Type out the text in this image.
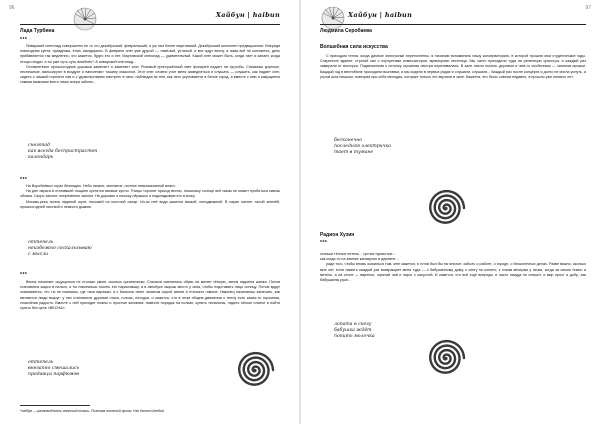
96
Хайбун | haibun
Лада Турбина
***

Январский снегопад совершенно не то что декабрьский, февральский, и уж тем более мартовский. Декабрьский исполнен предвкушения. Впереди новогодняя суета, праздники, ёлка, мандарины. В феврале снег уже другой — тяжёлый, усталый, и все ждут весну, а зима всё не кончается, день прибавляется так медленно, что кажется, будто его и нет. Мартовский снегопад — удивительный. Какой снег может быть, когда тает и капает, когда птицы галдят, а ты уже чуть-чуть влюблён? А январский снегопад...

Оставленные прошлогодние дорожки заметает и заметает снег. Розовый приглушённый свет фонарей падает на сугробы. Снежинки крупные, неспешные, вальсируют в воздухе и наполняют тишину смыслом. Этот снег словно учит меня замедляться и слушать — слушать, как падает снег, сидеть с чашкой горячего чая и с удовольствием смотреть в окно, наблюдая за тем, как тихо укутывается в белое город, а вместе с ним и кажущиеся такими важными всего лишь вчера заботы...

снегопад
как всегда беспристрастен
календарь
***

На Воробьёвых горах безлюдно. Небо низкое, мохнатое, полное невысказанной влаги.

На дне оврага в оттаявшей лощине кустятся ивовые кусты. Птицы торопят приход весны, поскольку солнце всё никак не может пробиться сквозь облака. Скоро запоют, непременно запоют. На дорожке я нахожу пёрышко и подкладываю его в книгу.

Москва-река полна ледяной шуги, похожей на колотый сахар. Из-за неё вода кажется вязкой, неподвижной. В парке пахнет талой землёй, прошлогодней листвой и немного дымом.

оттепель
неизбежно соскальзываю
с мысли
***

Весна начинает ощущаться не столько умом, сколько органически. Сначала сменилась обувь на менее тёплую, затем надоела шапка. Потом становится жарко в пальто, и ты начинаешь носить его нараспашку, а в автобусе ищешь место у окна, чтобы подставить лицо солнцу. Потом вдруг оказывается, что ты не помнишь, где твои варежки, а с балкона тянет запахом сырой земли и птичьего гомона. Наконец начинаешь замечать, как меняются люди вокруг: у них становятся другими глаза, голоса, походка, и кажется, что в этом общем движении к теплу есть какая-то огромная, спокойная радость. Вместе с ней приходят планы и простые желания: навести порядок на полках, купить тюльпаны, надеть лёгкое платье и пойти гулять без цели «ВЕСНА».

оттепель
внезапно смешались
продавцы парфюмов
*хайбун — разновидность японской поэзии. Поэтика японской прозы: Нэн Катон Шэндай.
97
Хайбун | haibun
Людмила Серобаева
Волшебная сила искусства

С приходом тепла, когда дачные электрички переполнены, я начинаю вспоминать нашу консерваторию, в которой прошли мои студенческие годы. Старинное здание, строгий зал с портретами композиторов, мраморная лестница. Мы часто приходили туда на репетиции оркестра, и каждый раз замирали от восторга. Подвешенная к потолку огромная люстра переливалась. В зале пахло пылью, деревом и чем-то особенным — запахом музыки. Каждый год в вестибюле проходили выставки, и мы сидели в первых рядах и слушали, слушали... Каждый раз после концерта я долго не могла уснуть, а утром шла пешком, повторяя про себя мелодии, которые только что звучали в зале. Кажется, это было совсем недавно, а прошло уже немало лет.

бесконечно
последняя электричка
тает в тумане
Радион Хузин
***

огоньки тёплых петель... густые пушистые...

как когда-то на зимних каникулах в деревне...

ради того, чтобы вновь оказаться там, мне кажется, я готов был бы на многое: забыть о работе, о городе, о бесконечных делах. Разве важно, сколько мне лет, если память каждый раз возвращает меня туда — к бабушкиному дому, к снегу по колено, к тихим вечерам у печки, когда за окном темно и метель, а на столе — варенье, горячий чай и пирог с капустой. И кажется, что всё ещё впереди, и никто никуда не спешит, и мир прост и добр, как бабушкины руки...

лопата в снегу
бабушка ждёт
попить молочка
